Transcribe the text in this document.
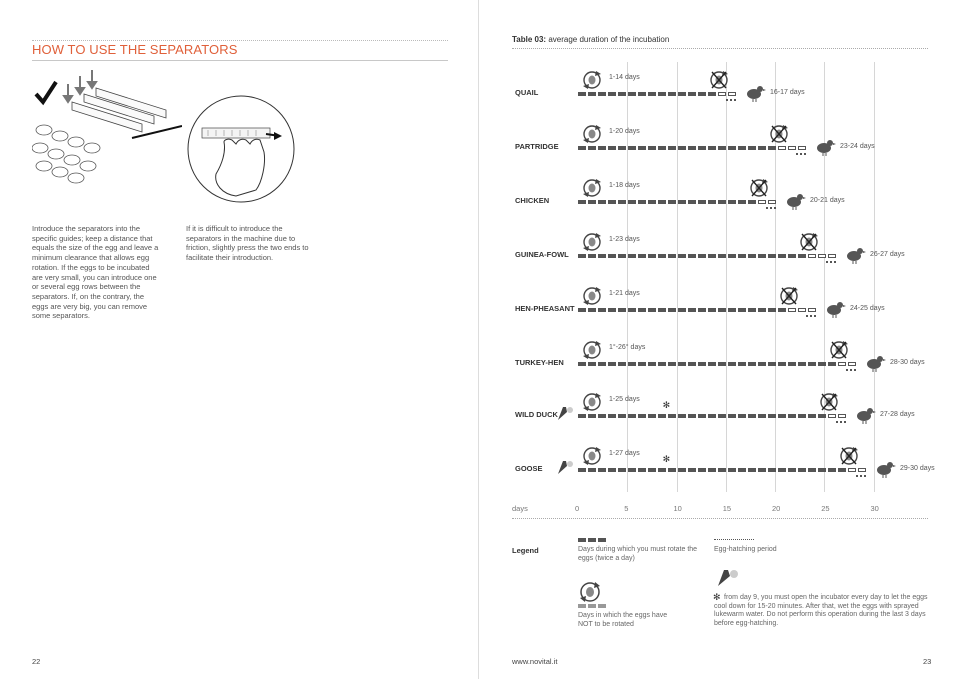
HOW TO USE THE SEPARATORS

Introduce the separators into the specific guides; keep a distance that equals the size of the egg and leave a minimum clearance that allows egg rotation. If the eggs to be incubated are very small, you can introduce one or several egg rows between the separators. If, on the contrary, the eggs are very big, you can remove some separators.

If it is difficult to introduce the separators in the machine due to friction, slightly press the two ends to facilitate their introduction.

22
Table 03: average duration of the incubation
0	5	10	15	20	25	30
QUAIL
1-14 days
16-17 days
PARTRIDGE
1-20 days
23-24 days
CHICKEN
1-18 days
20-21 days
GUINEA-FOWL
1-23 days
26-27 days
HEN-PHEASANT
1-21 days
24-25 days
TURKEY-HEN
1°-26° days
28-30 days
WILD DUCK
1-25 days
27-28 days
✻
GOOSE
1-27 days
29-30 days
✻
days
Legend	Days during which you must rotate the eggs (twice a day)
Egg-hatching period
Days in which the eggs have NOT to be rotated
from day 9, you must open the incubator every day to let the eggs cool down for 15-20 minutes. After that, wet the eggs with sprayed lukewarm water. Do not perform this operation during the last 3 days before egg-hatching.
✻
www.novital.it	23
